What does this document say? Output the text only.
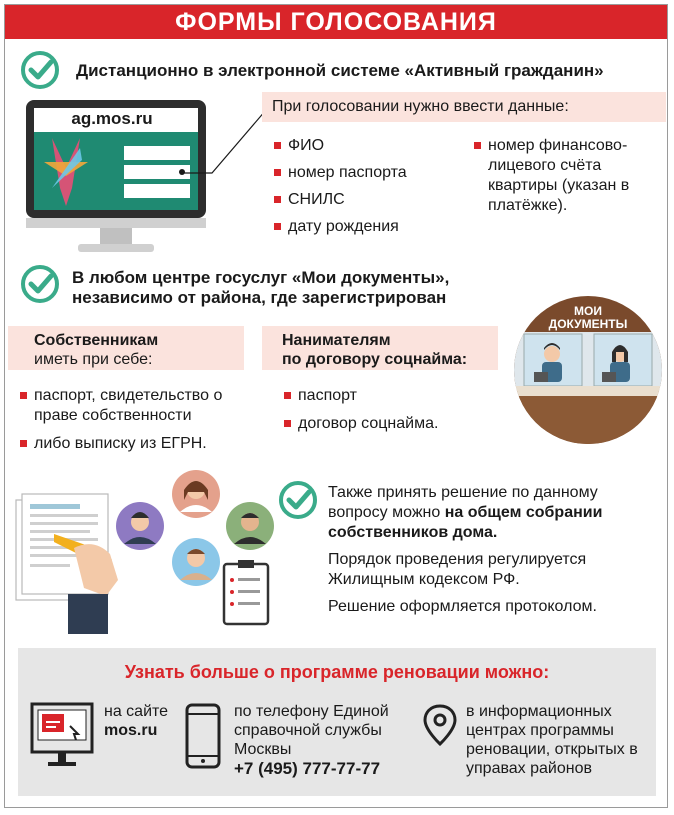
ФОРМЫ ГОЛОСОВАНИЯ
Дистанционно в электронной системе «Активный гражданин»
ag.mos.ru
При голосовании нужно ввести данные:
ФИО
номер паспорта
СНИЛС
дату рождения
номер финансово-лицевого счёта квартиры (указан в платёжке).
В любом центре госуслуг «Мои документы»,
независимо от района, где зарегистрирован
МОИ ДОКУМЕНТЫ
Собственникам
иметь при себе:
паспорт, свидетельство о праве собственности
либо выписку из ЕГРН.
Нанимателям
по договору соцнайма:
паспорт
договор соцнайма.
Также принять решение по данному вопросу можно на общем собрании собственников дома.
Порядок проведения регулируется Жилищным кодексом РФ.
Решение оформляется протоколом.
Узнать больше о программе реновации можно:
на сайте
mos.ru
по телефону Единой справочной службы Москвы
+7 (495) 777-77-77
в информационных центрах программы реновации, открытых в управах районов
